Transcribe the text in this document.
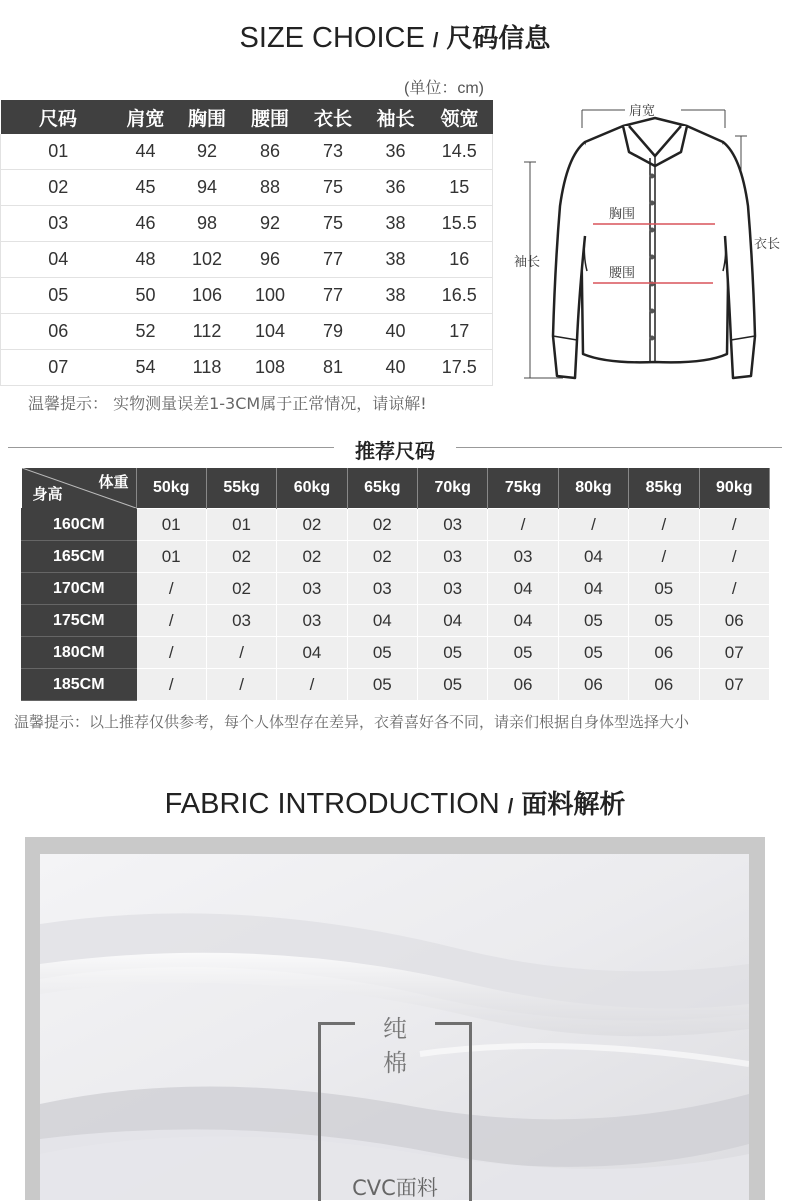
SIZE CHOICE / 尺码信息
(单位：cm)
尺码	肩宽	胸围	腰围	衣长	袖长	领宽
01	44	92	86	73	36	14.5
02	45	94	88	75	36	15
03	46	98	92	75	38	15.5
04	48	102	96	77	38	16
05	50	106	100	77	38	16.5
06	52	112	104	79	40	17
07	54	118	108	81	40	17.5
肩宽
胸围
腰围
衣长
袖长
温馨提示： 实物测量误差1-3CM属于正常情况，请谅解!
推荐尺码
体重
身高	50kg	55kg	60kg	65kg	70kg	75kg	80kg	85kg	90kg
160CM	01	01	02	02	03	/	/	/	/
165CM	01	02	02	02	03	03	04	/	/
170CM	/	02	03	03	03	04	04	05	/
175CM	/	03	03	04	04	04	05	05	06
180CM	/	/	04	05	05	05	05	06	07
185CM	/	/	/	05	05	06	06	06	07
温馨提示：以上推荐仅供参考，每个人体型存在差异，衣着喜好各不同，请亲们根据自身体型选择大小
FABRIC INTRODUCTION / 面料解析
纯
棉
CVC面料
